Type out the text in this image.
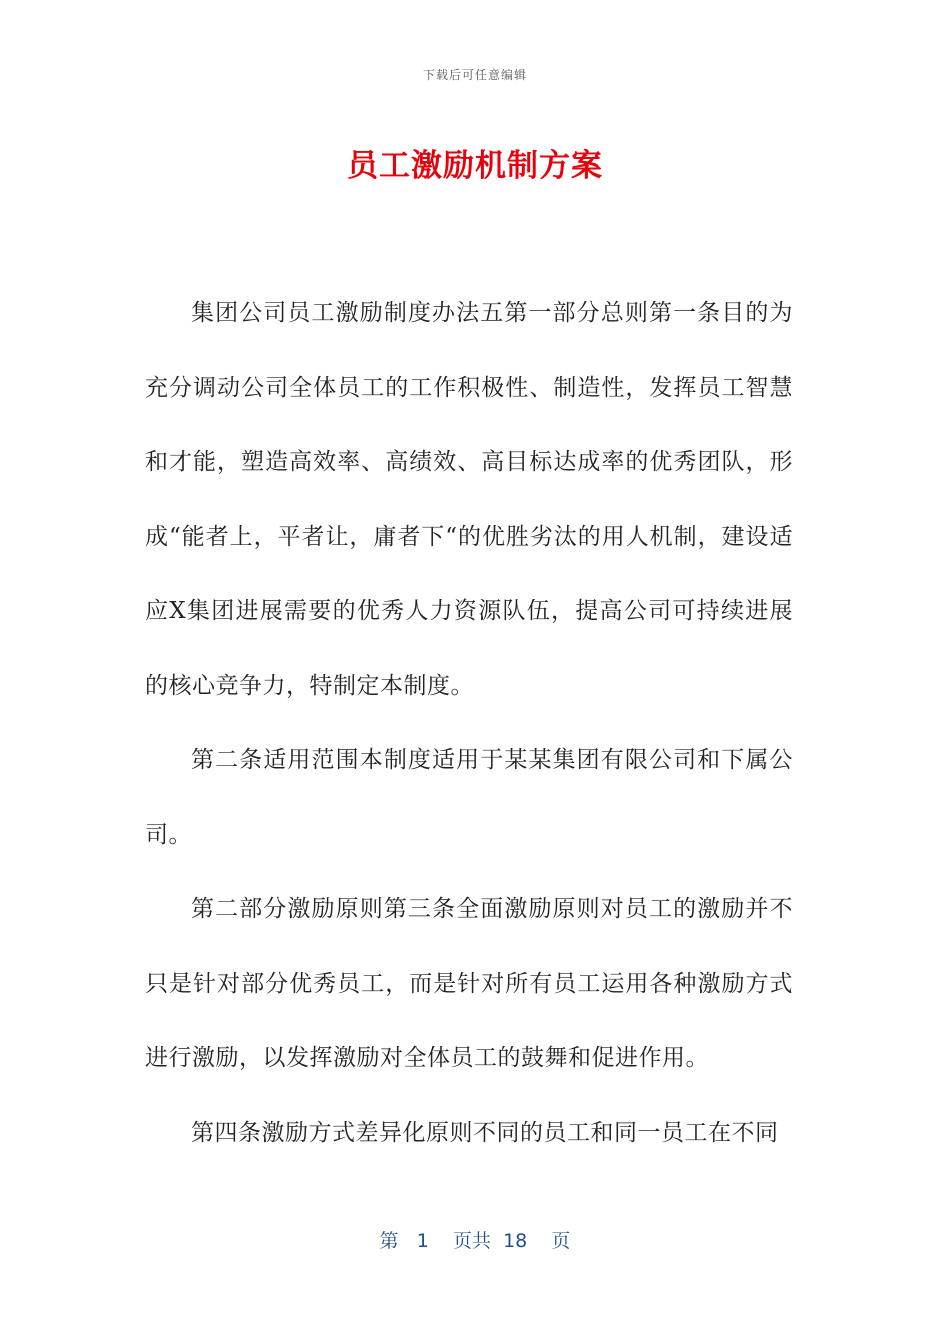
下载后可任意编辑
员工激励机制方案

集团公司员工激励制度办法五第一部分总则第一条目的为充分调动公司全体员工的工作积极性、制造性，发挥员工智慧和才能，塑造高效率、高绩效、高目标达成率的优秀团队，形成“能者上，平者让，庸者下“的优胜劣汰的用人机制，建设适应X集团进展需要的优秀人力资源队伍，提高公司可持续进展的核心竞争力，特制定本制度。

第二条适用范围本制度适用于某某集团有限公司和下属公司。

第二部分激励原则第三条全面激励原则对员工的激励并不只是针对部分优秀员工，而是针对所有员工运用各种激励方式进行激励，以发挥激励对全体员工的鼓舞和促进作用。

第四条激励方式差异化原则不同的员工和同一员工在不同

第 1 页共 18 页
